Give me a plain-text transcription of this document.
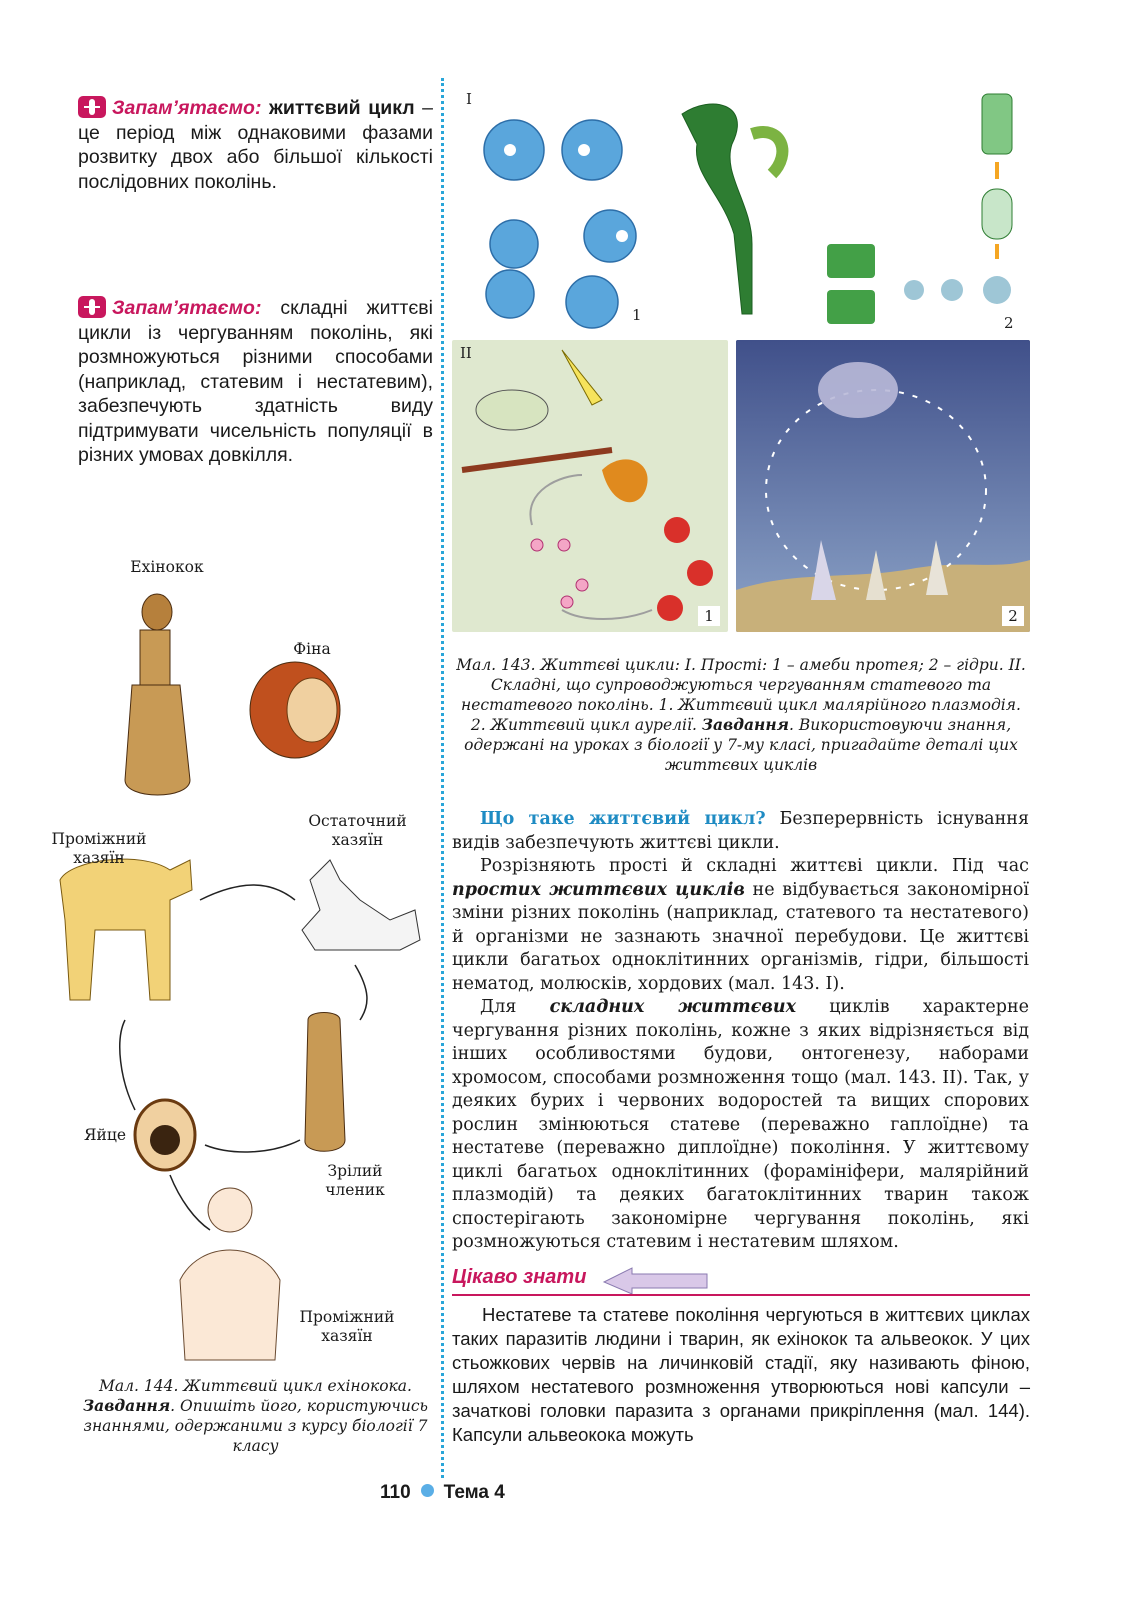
Запам’ятаємо: життєвий цикл – це період між однаковими фазами розвитку двох або більшої кількості послідовних поколінь.
Запам’ятаємо: складні життєві цикли із чергуванням поколінь, які розмножуються різними способами (наприклад, статевим і нестатевим), забезпечують здатність виду підтримувати чисельність популяції в різних умовах довкілля.
I
1	2
II
1	2
Мал. 143. Життєві цикли: I. Прості: 1 – амеби протея; 2 – гідри. II. Складні, що супроводжуються чергуванням статевого та нестатевого поколінь. 1. Життєвий цикл малярійного плазмодія. 2. Життєвий цикл аурелії. Завдання. Використовуючи знання, одержані на уроках з біології у 7-му класі, пригадайте деталі цих життєвих циклів
Ехінокок
Фіна
Проміжний хазяїн
Остаточний хазяїн
Яйце
Зрілий членик
Проміжний хазяїн
Мал. 144. Життєвий цикл ехінокока. Завдання. Опишіть його, користуючись знаннями, одержаними з курсу біології 7 класу

Що таке життєвий цикл? Безперервність існування видів забезпечують життєві цикли.

Розрізняють прості й складні життєві цикли. Під час простих життєвих циклів не відбувається закономірної зміни різних поколінь (наприклад, статевого та нестатевого) й організми не зазнають значної перебудови. Це життєві цикли багатьох одноклітинних організмів, гідри, більшості нематод, молюсків, хордових (мал. 143. I).

Для складних життєвих циклів характерне чергування різних поколінь, кожне з яких відрізняється від інших особливостями будови, онтогенезу, наборами хромосом, способами розмноження тощо (мал. 143. II). Так, у деяких бурих і червоних водоростей та вищих спорових рослин змінюються статеве (переважно гаплоїдне) та нестатеве (переважно диплоїдне) покоління. У життєвому циклі багатьох одноклітинних (форамініфери, малярійний плазмодій) та деяких багатоклітинних тварин також спостерігають закономірне чергування поколінь, які розмножуються статевим і нестатевим шляхом.

Цікаво знати

Нестатеве та статеве покоління чергуються в життєвих циклах таких паразитів людини і тварин, як ехінокок та альвеокок. У цих стьожкових червів на личинковій стадії, яку називають фіною, шляхом нестатевого розмноження утворюються нові капсули – зачаткові головки паразита з органами прикріплення (мал. 144). Капсули альвеокока можуть

110 Тема 4
